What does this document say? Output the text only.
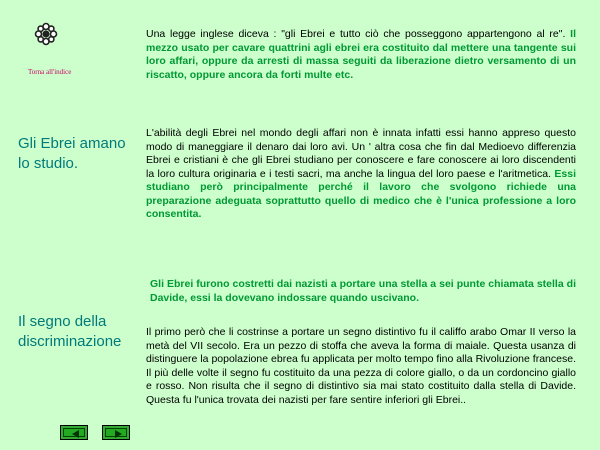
Torna all'indice
Gli Ebrei amano lo studio.
Il segno della discriminazione
Una legge inglese diceva : "gli Ebrei e tutto ciò che posseggono appartengono al re". Il mezzo usato per cavare quattrini agli ebrei era costituito dal mettere una tangente sui loro affari, oppure da arresti di massa seguiti da liberazione dietro versamento di un riscatto, oppure ancora da forti multe etc.
L'abilità degli Ebrei nel mondo degli affari non è innata infatti essi hanno appreso questo modo di maneggiare il denaro dai loro avi. Un ' altra cosa che fin dal Medioevo differenzia Ebrei e cristiani è che gli Ebrei studiano per conoscere e fare conoscere ai loro discendenti la loro cultura originaria e i testi sacri, ma anche la lingua del loro paese e l'aritmetica. Essi studiano però principalmente perché il lavoro che svolgono richiede una preparazione adeguata soprattutto quello di medico che è l'unica professione a loro consentita.
Gli Ebrei furono costretti dai nazisti a portare una stella a sei punte chiamata stella di Davide, essi la dovevano indossare quando uscivano.
Il primo però che li costrinse a portare un segno distintivo fu il califfo arabo Omar II verso la metà del VII secolo. Era un pezzo di stoffa che aveva la forma di maiale. Questa usanza di distinguere la popolazione ebrea fu applicata per molto tempo fino alla Rivoluzione francese. Il più delle volte il segno fu costituito da una pezza di colore giallo, o da un cordoncino giallo e rosso. Non risulta che il segno di distintivo sia mai stato costituito dalla stella di Davide. Questa fu l'unica trovata dei nazisti per fare sentire inferiori gli Ebrei..
